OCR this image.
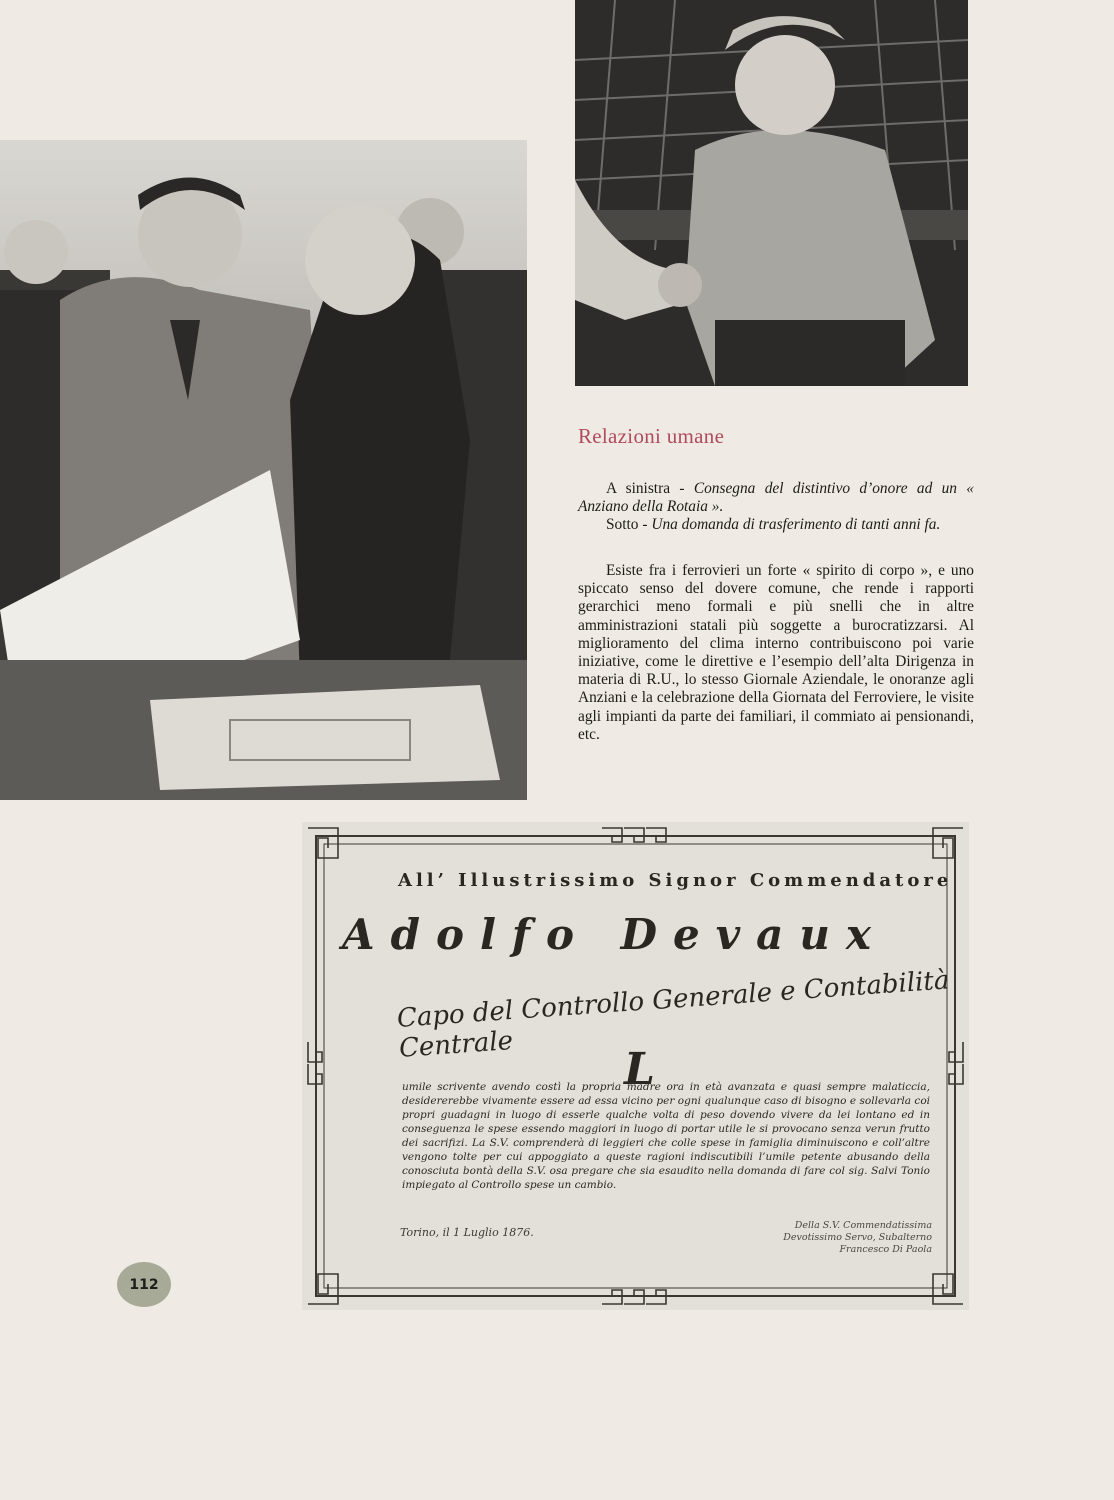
Relazioni umane

A sinistra - Consegna del distintivo d’onore ad un « Anziano della Rotaia ».

Sotto - Una domanda di trasferimento di tanti anni fa.

Esiste fra i ferrovieri un forte « spirito di corpo », e uno spiccato senso del dovere comune, che rende i rapporti gerarchici meno formali e più snelli che in altre amministrazioni statali più soggette a burocratizzarsi. Al miglioramento del clima interno contribuiscono poi varie iniziative, come le direttive e l’esempio dell’alta Dirigenza in materia di R.U., lo stesso Giornale Aziendale, le onoranze agli Anziani e la celebrazione della Giornata del Ferroviere, le visite agli impianti da parte dei familiari, il commiato ai pensionandi, etc.

All’ Illustrissimo Signor Commendatore
Adolfo Devaux
Capo del Controllo Generale e Contabilità Centrale	L
umile scrivente avendo costì la propria madre ora in età avanzata e quasi sempre malaticcia, desidererebbe vivamente essere ad essa vicino per ogni qualunque caso di bisogno e sollevarla coi propri guadagni in luogo di esserle qualche volta di peso dovendo vivere da lei lontano ed in conseguenza le spese essendo maggiori in luogo di portar utile le si provocano senza verun frutto dei sacrifizi. La S.V. comprenderà di leggieri che colle spese in famiglia diminuiscono e coll’altre vengono tolte per cui appoggiato a queste ragioni indiscutibili l’umile petente abusando della conosciuta bontà della S.V. osa pregare che sia esaudito nella domanda di fare col sig. Salvi Tonio impiegato al Controllo spese un cambio.
Torino, il 1 Luglio 1876.
Della S.V. Commendatissima Devotissimo Servo, Subalterno Francesco Di Paola
112
